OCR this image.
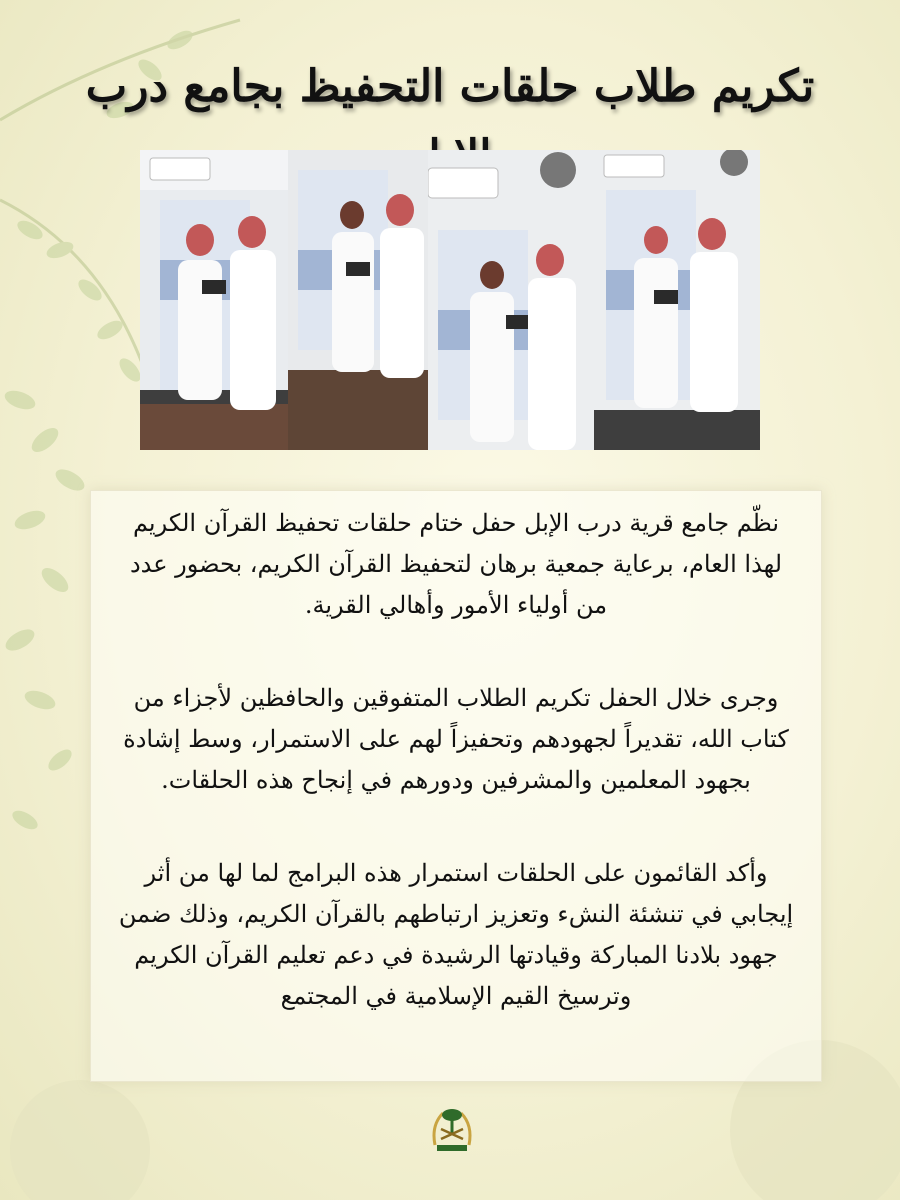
تكريم طلاب حلقات التحفيظ بجامع درب

نظّم جامع قرية درب الإبل حفل ختام حلقات تحفيظ القرآن الكريم لهذا العام، برعاية جمعية برهان لتحفيظ القرآن الكريم، بحضور عدد من أولياء الأمور وأهالي القرية.

وجرى خلال الحفل تكريم الطلاب المتفوقين والحافظين لأجزاء من كتاب الله، تقديراً لجهودهم وتحفيزاً لهم على الاستمرار، وسط إشادة بجهود المعلمين والمشرفين ودورهم في إنجاح هذه الحلقات.

وأكد القائمون على الحلقات استمرار هذه البرامج لما لها من أثر إيجابي في تنشئة النشء وتعزيز ارتباطهم بالقرآن الكريم، وذلك ضمن جهود بلادنا المباركة وقيادتها الرشيدة في دعم تعليم القرآن الكريم وترسيخ القيم الإسلامية في المجتمع
